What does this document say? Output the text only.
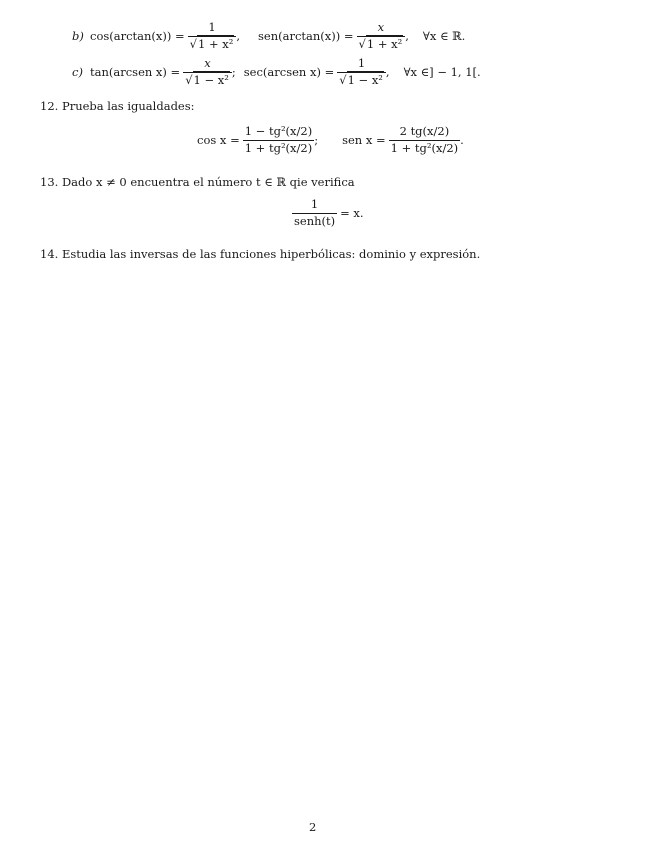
b) $\cos(\arctan(x)) = \frac{1}{\text{√1 + x²}}$ , $sen(\arctan(x)) = \frac{x}{\text{√1 + x²}}$ , ∀x ∈ ℝ.
c) tan(arcsen $x) = \frac{x}{\text{√1 − x²}}$ ; sec(arcsen $x) = \frac{1}{\text{√1 − x²}}$ , ∀x ∈] − 1, 1[.
12. Prueba las igualdades:
$\cos x = \frac{\text{1 − tg²(x/2)}}{\text{1 + tg²(x/2)}}$ ; sen $x = \frac{2 tg(x/2)}{\text{1 + tg²(x/2)}}$ .
13. Dado x ≠ 0 encuentra el número t ∈ ℝ qie verifica
$\frac{1}{\text{senh(t)}} = x$.
14. Estudia las inversas de las funciones hiperbólicas: dominio y expresión.
2
